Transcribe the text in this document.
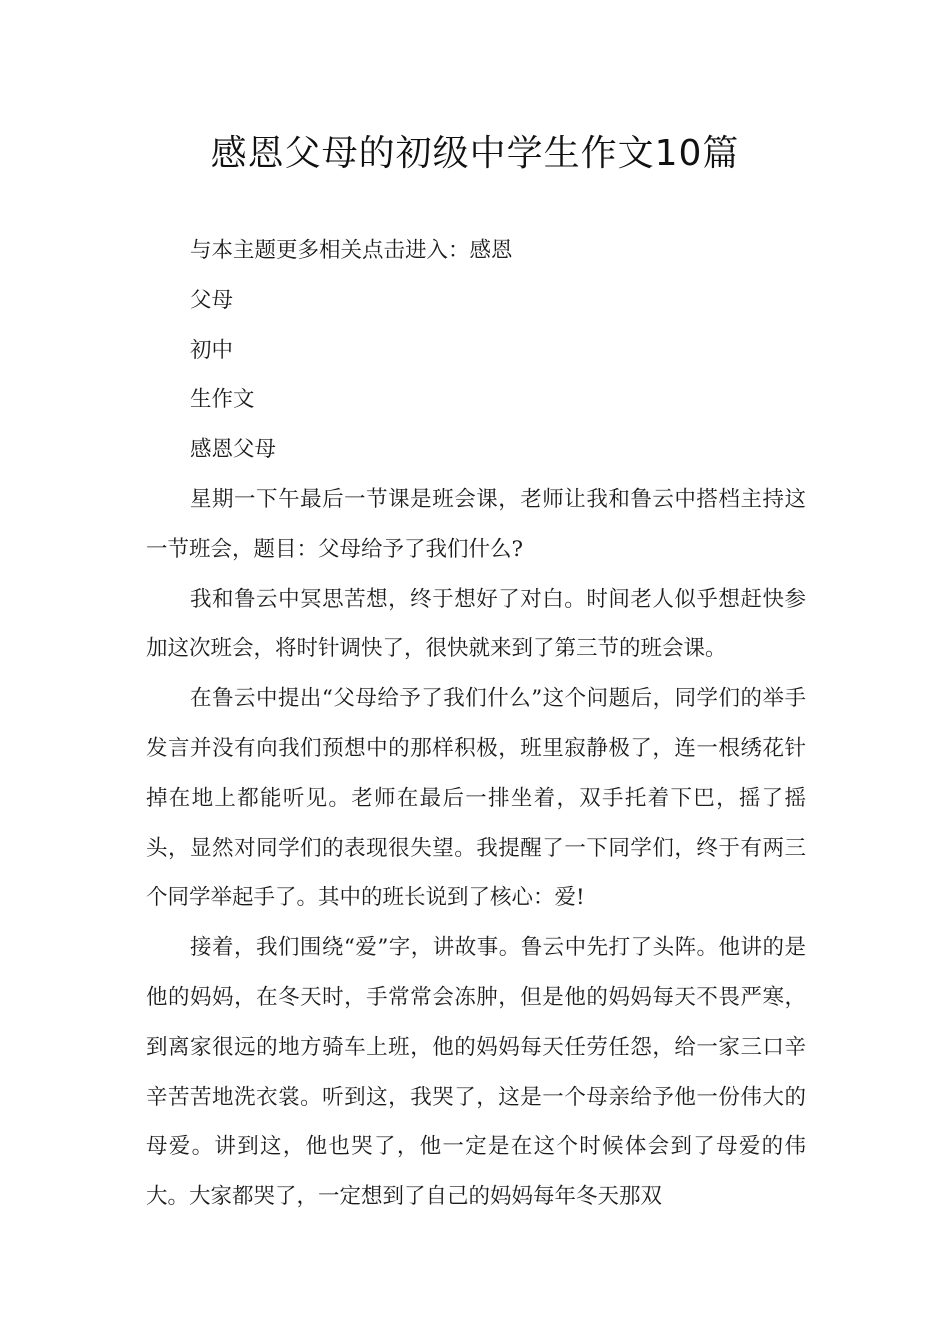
感恩父母的初级中学生作文10篇

与本主题更多相关点击进入：感恩

父母

初中

生作文

感恩父母

星期一下午最后一节课是班会课，老师让我和鲁云中搭档主持这一节班会，题目：父母给予了我们什么?

我和鲁云中冥思苦想，终于想好了对白。时间老人似乎想赶快参加这次班会，将时针调快了，很快就来到了第三节的班会课。

在鲁云中提出“父母给予了我们什么”这个问题后，同学们的举手发言并没有向我们预想中的那样积极，班里寂静极了，连一根绣花针掉在地上都能听见。老师在最后一排坐着，双手托着下巴，摇了摇头，显然对同学们的表现很失望。我提醒了一下同学们，终于有两三个同学举起手了。其中的班长说到了核心：爱!

接着，我们围绕“爱”字，讲故事。鲁云中先打了头阵。他讲的是他的妈妈，在冬天时，手常常会冻肿，但是他的妈妈每天不畏严寒，到离家很远的地方骑车上班，他的妈妈每天任劳任怨，给一家三口辛辛苦苦地洗衣裳。听到这，我哭了，这是一个母亲给予他一份伟大的母爱。讲到这，他也哭了，他一定是在这个时候体会到了母爱的伟大。大家都哭了，一定想到了自己的妈妈每年冬天那双
